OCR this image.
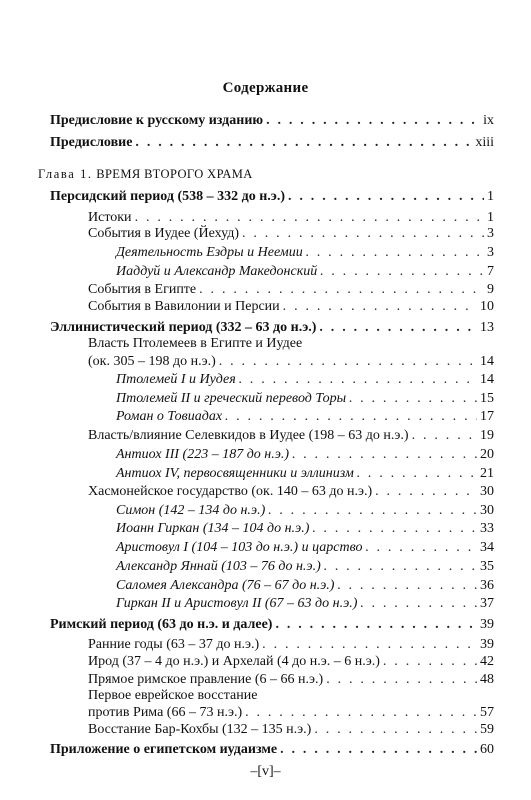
Содержание
Предисловие к русскому изданию . . .	ix
Предисловие . . .	xiii
Глава 1. ВРЕМЯ ВТОРОГО ХРАМА
Персидский период (538 – 332 до н.э.) . . .	1
Истоки . . .	1
События в Иудее (Йехуд) . . .	3
Деятельность Ездры и Неемии . . .	3
Иаддуй и Александр Македонский . . .	7
События в Египте . . .	9
События в Вавилонии и Персии . . .	10
Эллинистический период (332 – 63 до н.э.) . . .	13
Власть Птолемеев в Египте и Иудее
(ок. 305 – 198 до н.э.) . . .	14
Птолемей I и Иудея . . .	14
Птолемей II и греческий перевод Торы . . .	15
Роман о Товиадах . . .	17
Власть/влияние Селевкидов в Иудее (198 – 63 до н.э.) . . .	19
Антиох III (223 – 187 до н.э.) . . .	20
Антиох IV, первосвященники и эллинизм . . .	21
Хасмонейское государство (ок. 140 – 63 до н.э.) . . .	30
Симон (142 – 134 до н.э.) . . .	30
Иоанн Гиркан (134 – 104 до н.э.) . . .	33
Аристовул I (104 – 103 до н.э.) и царство . . .	34
Александр Яннай (103 – 76 до н.э.) . . .	35
Саломея Александра (76 – 67 до н.э.) . . .	36
Гиркан II и Аристовул II (67 – 63 до н.э.) . . .	37
Римский период (63 до н.э. и далее) . . .	39
Ранние годы (63 – 37 до н.э.) . . .	39
Ирод (37 – 4 до н.э.) и Архелай (4 до н.э. – 6 н.э.) . . .	42
Прямое римское правление (6 – 66 н.э.) . . .	48
Первое еврейское восстание
против Рима (66 – 73 н.э.) . . .	57
Восстание Бар-Кохбы (132 – 135 н.э.) . . .	59
Приложение о египетском иудаизме . . .	60
–[v]–
